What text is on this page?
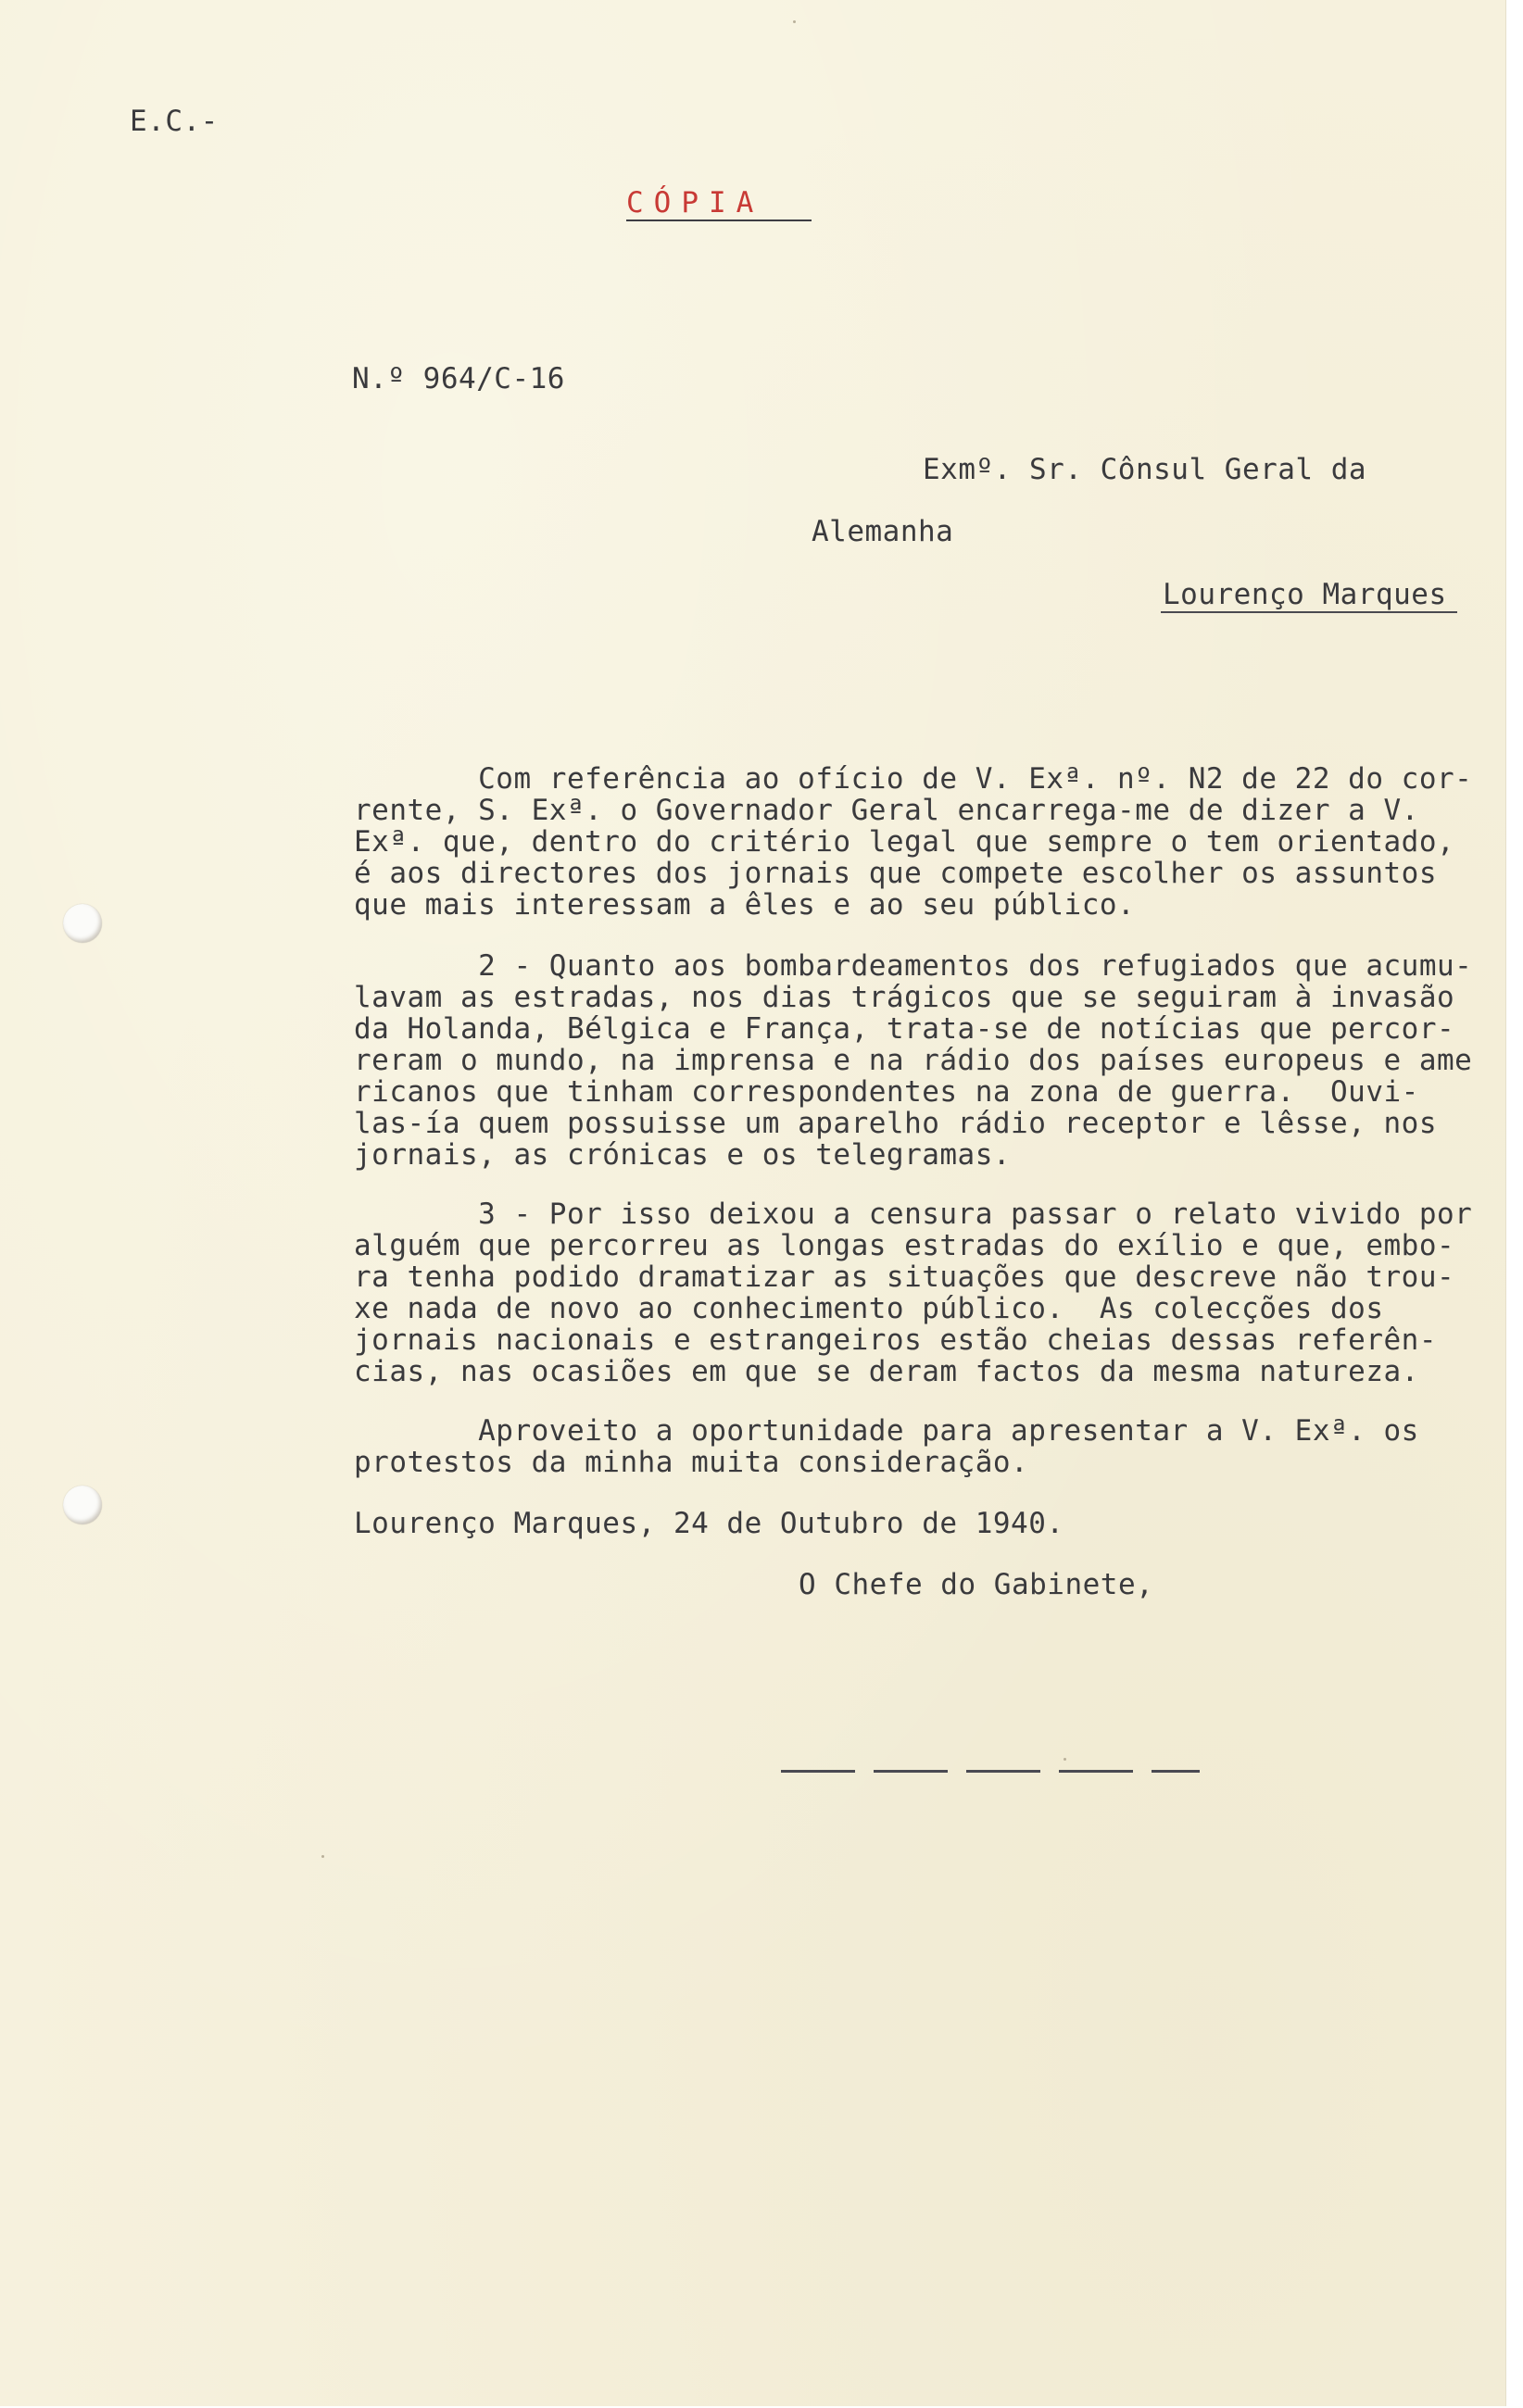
E.C.-
CÓPIA
N.º 964/C-16
Exmº. Sr. Cônsul Geral da
Alemanha
Lourenço Marques
Com referência ao ofício de V. Exª. nº. N2 de 22 do cor-
rente, S. Exª. o Governador Geral encarrega-me de dizer a V.
Exª. que, dentro do critério legal que sempre o tem orientado,
é aos directores dos jornais que compete escolher os assuntos
que mais interessam a êles e ao seu público.
2 - Quanto aos bombardeamentos dos refugiados que acumu-
lavam as estradas, nos dias trágicos que se seguiram à invasão
da Holanda, Bélgica e França, trata-se de notícias que percor-
reram o mundo, na imprensa e na rádio dos países europeus e ame
ricanos que tinham correspondentes na zona de guerra.  Ouvi-
las-ía quem possuisse um aparelho rádio receptor e lêsse, nos
jornais, as crónicas e os telegramas.
3 - Por isso deixou a censura passar o relato vivido por
alguém que percorreu as longas estradas do exílio e que, embo-
ra tenha podido dramatizar as situações que descreve não trou-
xe nada de novo ao conhecimento público.  As colecções dos
jornais nacionais e estrangeiros estão cheias dessas referên-
cias, nas ocasiões em que se deram factos da mesma natureza.
Aproveito a oportunidade para apresentar a V. Exª. os
protestos da minha muita consideração.
Lourenço Marques, 24 de Outubro de 1940.
O Chefe do Gabinete,
